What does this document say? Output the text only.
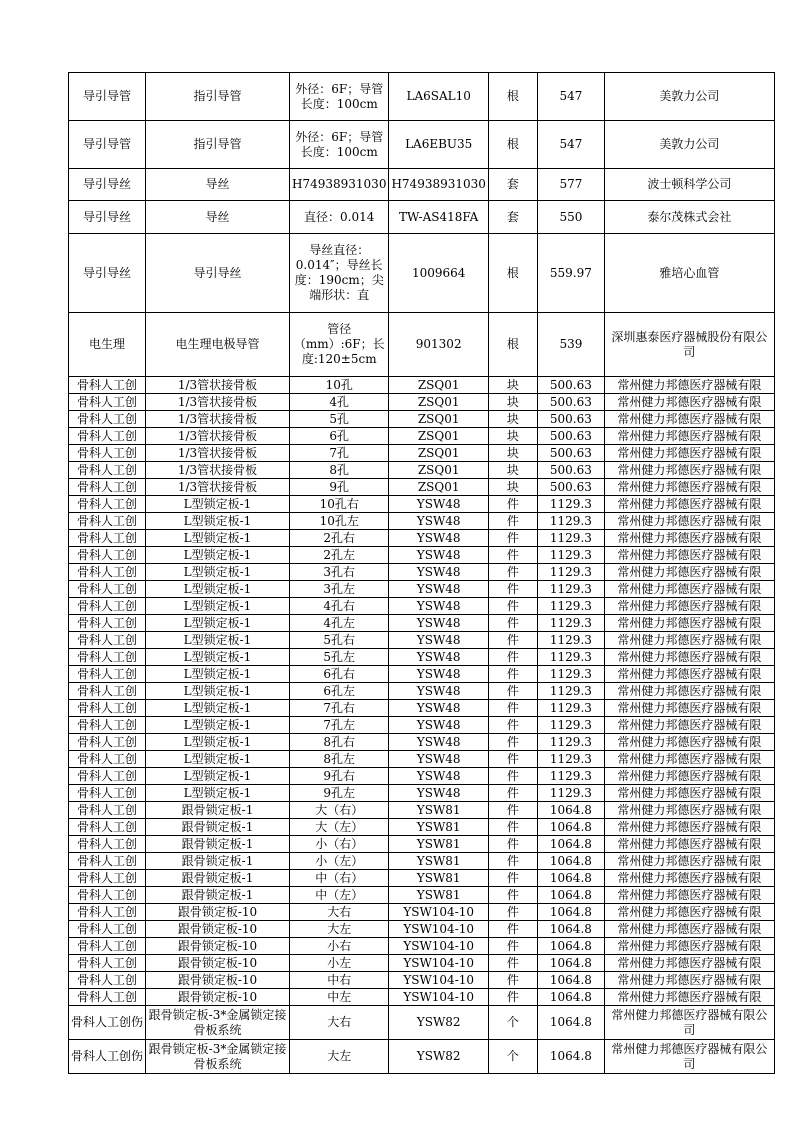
导引导管	指引导管	外径：6F；导管长度：100cm	LA6SAL10	根	547	美敦力公司
导引导管	指引导管	外径：6F；导管长度：100cm	LA6EBU35	根	547	美敦力公司
导引导丝	导丝	H74938931030	H74938931030	套	577	波士顿科学公司
导引导丝	导丝	直径：0.014	TW-AS418FA	套	550	泰尔茂株式会社
导引导丝	导引导丝	导丝直径：0.014″；导丝长度：190cm；尖端形状：直	1009664	根	559.97	雅培心血管
电生理	电生理电极导管	管径（mm）:6F；长度:120±5cm	901302	根	539	深圳惠泰医疗器械股份有限公司
骨科人工创	1/3管状接骨板	10孔	ZSQ01	块	500.63	常州健力邦德医疗器械有限
骨科人工创	1/3管状接骨板	4孔	ZSQ01	块	500.63	常州健力邦德医疗器械有限
骨科人工创	1/3管状接骨板	5孔	ZSQ01	块	500.63	常州健力邦德医疗器械有限
骨科人工创	1/3管状接骨板	6孔	ZSQ01	块	500.63	常州健力邦德医疗器械有限
骨科人工创	1/3管状接骨板	7孔	ZSQ01	块	500.63	常州健力邦德医疗器械有限
骨科人工创	1/3管状接骨板	8孔	ZSQ01	块	500.63	常州健力邦德医疗器械有限
骨科人工创	1/3管状接骨板	9孔	ZSQ01	块	500.63	常州健力邦德医疗器械有限
骨科人工创	L型锁定板-1	10孔右	YSW48	件	1129.3	常州健力邦德医疗器械有限
骨科人工创	L型锁定板-1	10孔左	YSW48	件	1129.3	常州健力邦德医疗器械有限
骨科人工创	L型锁定板-1	2孔右	YSW48	件	1129.3	常州健力邦德医疗器械有限
骨科人工创	L型锁定板-1	2孔左	YSW48	件	1129.3	常州健力邦德医疗器械有限
骨科人工创	L型锁定板-1	3孔右	YSW48	件	1129.3	常州健力邦德医疗器械有限
骨科人工创	L型锁定板-1	3孔左	YSW48	件	1129.3	常州健力邦德医疗器械有限
骨科人工创	L型锁定板-1	4孔右	YSW48	件	1129.3	常州健力邦德医疗器械有限
骨科人工创	L型锁定板-1	4孔左	YSW48	件	1129.3	常州健力邦德医疗器械有限
骨科人工创	L型锁定板-1	5孔右	YSW48	件	1129.3	常州健力邦德医疗器械有限
骨科人工创	L型锁定板-1	5孔左	YSW48	件	1129.3	常州健力邦德医疗器械有限
骨科人工创	L型锁定板-1	6孔右	YSW48	件	1129.3	常州健力邦德医疗器械有限
骨科人工创	L型锁定板-1	6孔左	YSW48	件	1129.3	常州健力邦德医疗器械有限
骨科人工创	L型锁定板-1	7孔右	YSW48	件	1129.3	常州健力邦德医疗器械有限
骨科人工创	L型锁定板-1	7孔左	YSW48	件	1129.3	常州健力邦德医疗器械有限
骨科人工创	L型锁定板-1	8孔右	YSW48	件	1129.3	常州健力邦德医疗器械有限
骨科人工创	L型锁定板-1	8孔左	YSW48	件	1129.3	常州健力邦德医疗器械有限
骨科人工创	L型锁定板-1	9孔右	YSW48	件	1129.3	常州健力邦德医疗器械有限
骨科人工创	L型锁定板-1	9孔左	YSW48	件	1129.3	常州健力邦德医疗器械有限
骨科人工创	跟骨锁定板-1	大（右）	YSW81	件	1064.8	常州健力邦德医疗器械有限
骨科人工创	跟骨锁定板-1	大（左）	YSW81	件	1064.8	常州健力邦德医疗器械有限
骨科人工创	跟骨锁定板-1	小（右）	YSW81	件	1064.8	常州健力邦德医疗器械有限
骨科人工创	跟骨锁定板-1	小（左）	YSW81	件	1064.8	常州健力邦德医疗器械有限
骨科人工创	跟骨锁定板-1	中（右）	YSW81	件	1064.8	常州健力邦德医疗器械有限
骨科人工创	跟骨锁定板-1	中（左）	YSW81	件	1064.8	常州健力邦德医疗器械有限
骨科人工创	跟骨锁定板-10	大右	YSW104-10	件	1064.8	常州健力邦德医疗器械有限
骨科人工创	跟骨锁定板-10	大左	YSW104-10	件	1064.8	常州健力邦德医疗器械有限
骨科人工创	跟骨锁定板-10	小右	YSW104-10	件	1064.8	常州健力邦德医疗器械有限
骨科人工创	跟骨锁定板-10	小左	YSW104-10	件	1064.8	常州健力邦德医疗器械有限
骨科人工创	跟骨锁定板-10	中右	YSW104-10	件	1064.8	常州健力邦德医疗器械有限
骨科人工创	跟骨锁定板-10	中左	YSW104-10	件	1064.8	常州健力邦德医疗器械有限
骨科人工创伤	跟骨锁定板-3*金属锁定接骨板系统	大右	YSW82	个	1064.8	常州健力邦德医疗器械有限公司
骨科人工创伤	跟骨锁定板-3*金属锁定接骨板系统	大左	YSW82	个	1064.8	常州健力邦德医疗器械有限公司
